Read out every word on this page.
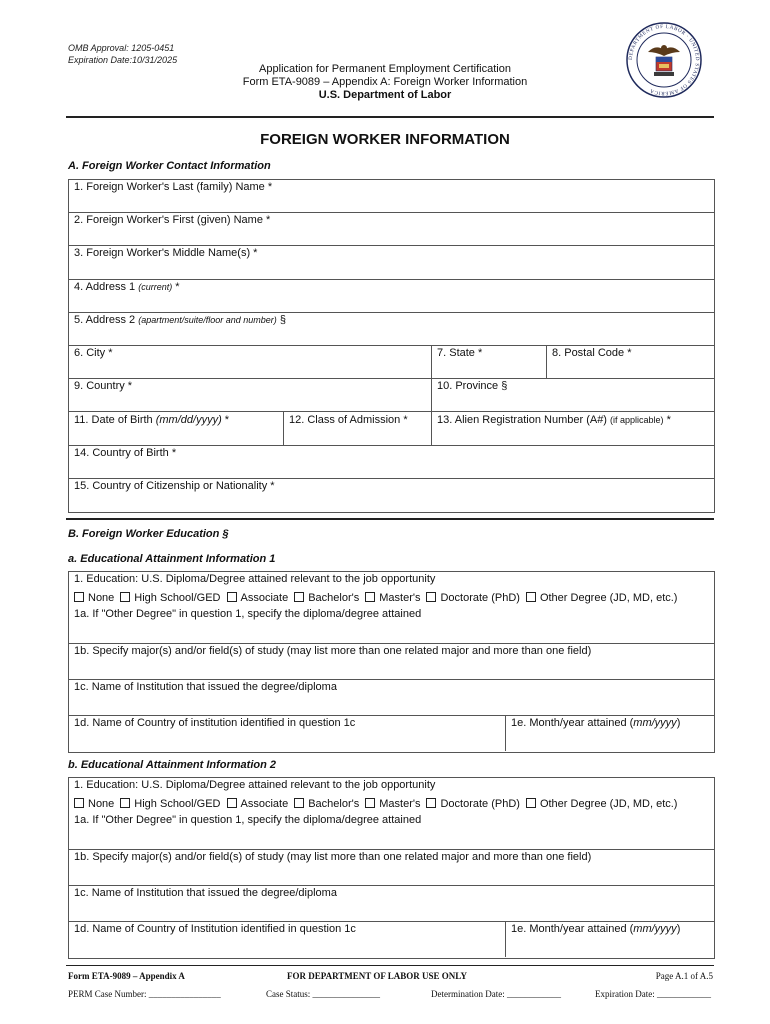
OMB Approval: 1205-0451
Expiration Date:10/31/2025
Application for Permanent Employment Certification
Form ETA-9089 – Appendix A: Foreign Worker Information
U.S. Department of Labor
DEPARTMENT OF LABOR · UNITED STATES OF AMERICA
FOREIGN WORKER INFORMATION
A. Foreign Worker Contact Information
1. Foreign Worker's Last (family) Name *
2. Foreign Worker's First (given) Name *
3. Foreign Worker's Middle Name(s) *
4. Address 1 (current) *
5. Address 2 (apartment/suite/floor and number) §
6. City *	7. State *	8. Postal Code *
9. Country *	10. Province §
11. Date of Birth (mm/dd/yyyy) *	12. Class of Admission *	13. Alien Registration Number (A#) (if applicable) *
14. Country of Birth *
15. Country of Citizenship or Nationality *
B. Foreign Worker Education §
a. Educational Attainment Information 1
1. Education: U.S. Diploma/Degree attained relevant to the job opportunity
None High School/GED Associate Bachelor's Master's Doctorate (PhD) Other Degree (JD, MD, etc.)
1a. If "Other Degree" in question 1, specify the diploma/degree attained
1b. Specify major(s) and/or field(s) of study (may list more than one related major and more than one field)
1c. Name of Institution that issued the degree/diploma
1d. Name of Country of institution identified in question 1c	1e. Month/year attained (mm/yyyy)
b. Educational Attainment Information 2
1. Education: U.S. Diploma/Degree attained relevant to the job opportunity
None High School/GED Associate Bachelor's Master's Doctorate (PhD) Other Degree (JD, MD, etc.)
1a. If "Other Degree" in question 1, specify the diploma/degree attained
1b. Specify major(s) and/or field(s) of study (may list more than one related major and more than one field)
1c. Name of Institution that issued the degree/diploma
1d. Name of Country of Institution identified in question 1c	1e. Month/year attained (mm/yyyy)
Form ETA-9089 – Appendix A	FOR DEPARTMENT OF LABOR USE ONLY	Page A.1 of A.5
PERM Case Number: ________________	Case Status: _______________	Determination Date: ____________	Expiration Date: ____________
